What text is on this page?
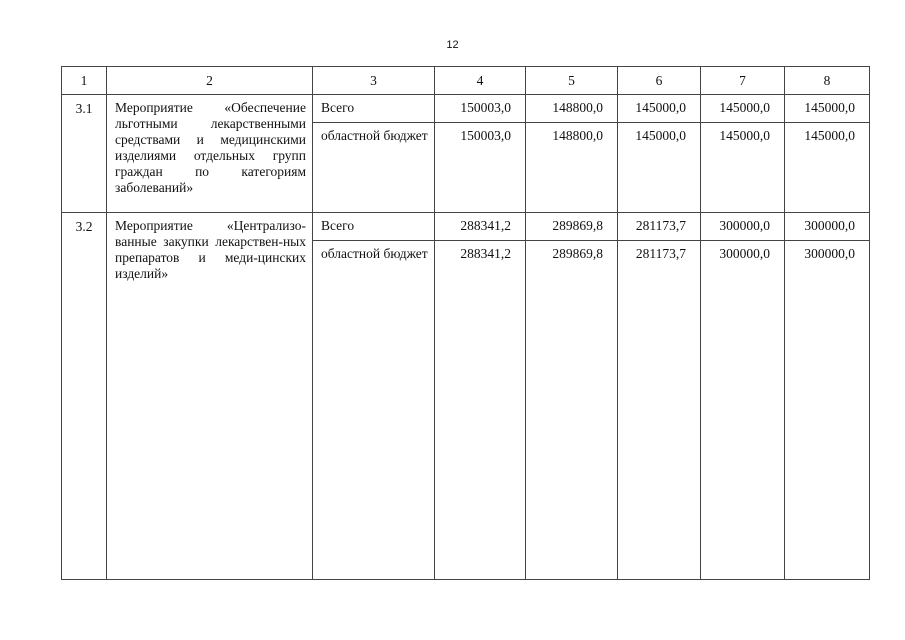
12
1	2	3	4	5	6	7	8
3.1	Мероприятие «Обеспечение льготными лекарственными средствами и медицинскими изделиями отдельных групп граждан по категориям заболеваний»	Всего	150003,0	148800,0	145000,0	145000,0	145000,0
		областной бюджет	150003,0	148800,0	145000,0	145000,0	145000,0
3.2	Мероприятие «Централизо-ванные закупки лекарствен-ных препаратов и меди-цинских изделий»	Всего	288341,2	289869,8	281173,7	300000,0	300000,0
		областной бюджет	288341,2	289869,8	281173,7	300000,0	300000,0
